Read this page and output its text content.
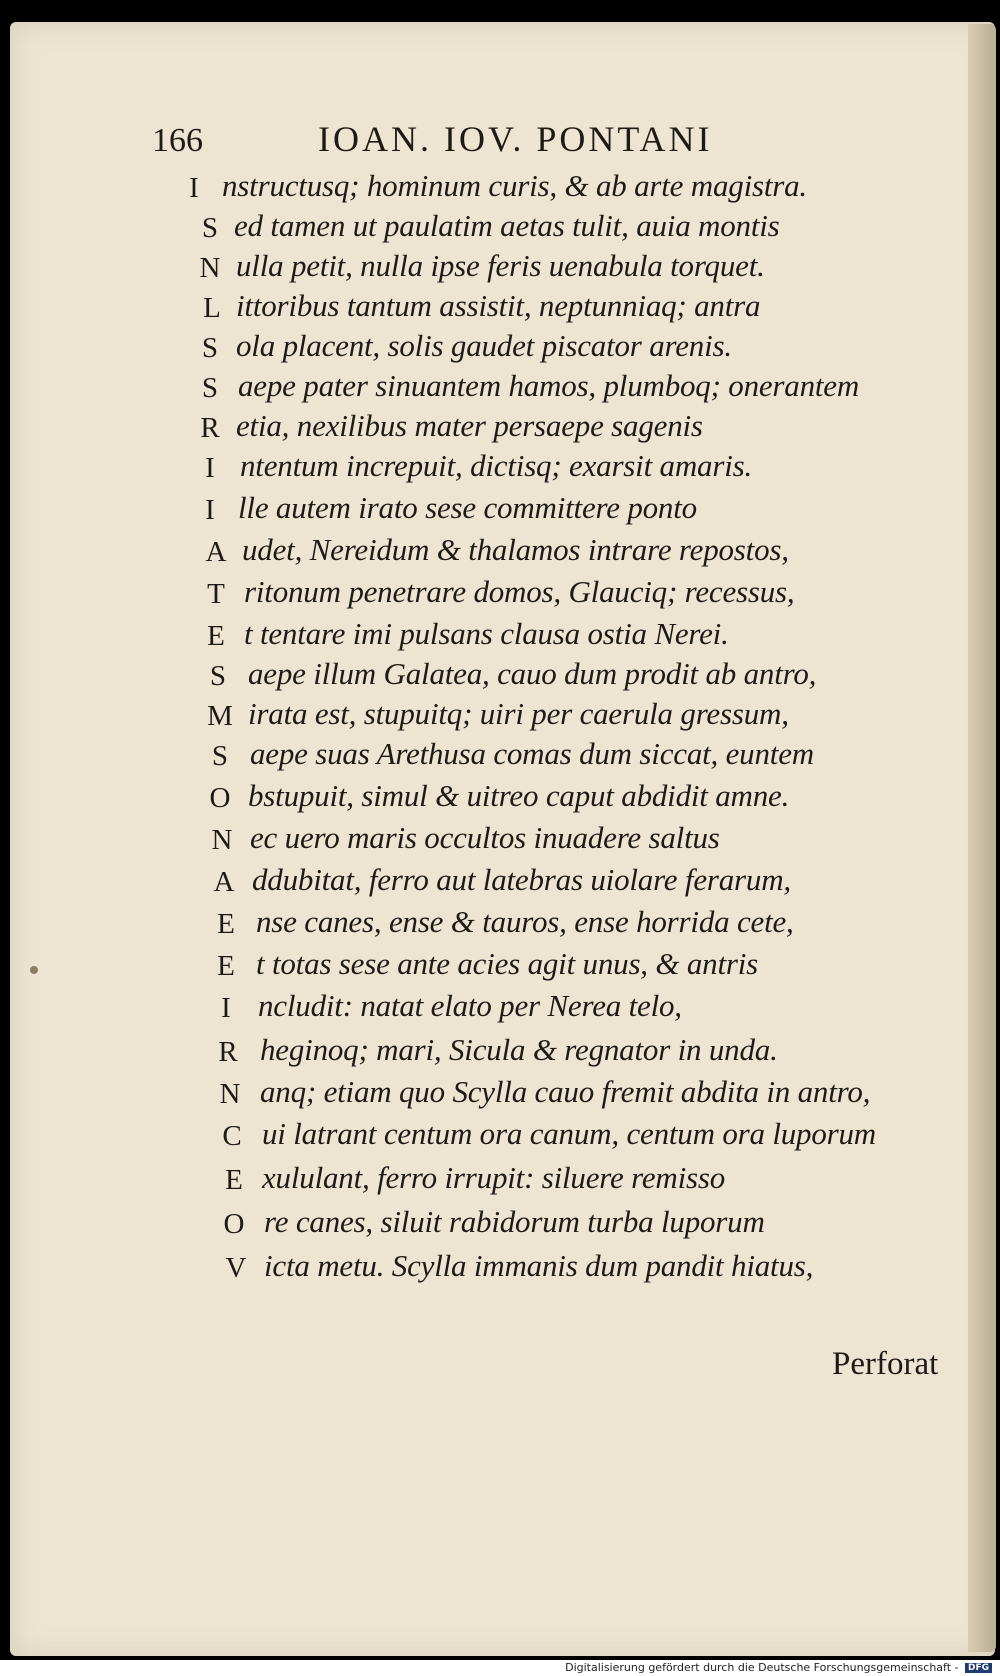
166	IOAN. IOV. PONTANI
I nstructusq; hominum curis, & ab arte magistra.
S ed tamen ut paulatim aetas tulit, auia montis
N ulla petit, nulla ipse feris uenabula torquet.
L ittoribus tantum assistit, neptunniaq; antra
S ola placent, solis gaudet piscator arenis.
S aepe pater sinuantem hamos, plumboq; onerantem
R etia, nexilibus mater persaepe sagenis
I ntentum increpuit, dictisq; exarsit amaris.
I lle autem irato sese committere ponto
A udet, Nereidum & thalamos intrare repostos,
T ritonum penetrare domos, Glauciq; recessus,
E t tentare imi pulsans clausa ostia Nerei.
S aepe illum Galatea, cauo dum prodit ab antro,
M irata est, stupuitq; uiri per caerula gressum,
S aepe suas Arethusa comas dum siccat, euntem
O bstupuit, simul & uitreo caput abdidit amne.
N ec uero maris occultos inuadere saltus
A ddubitat, ferro aut latebras uiolare ferarum,
E nse canes, ense & tauros, ense horrida cete,
E t totas sese ante acies agit unus, & antris
I ncludit: natat elato per Nerea telo,
R heginoq; mari, Sicula & regnator in unda.
N anq; etiam quo Scylla cauo fremit abdita in antro,
C ui latrant centum ora canum, centum ora luporum
E xululant, ferro irrupit: siluere remisso
O re canes, siluit rabidorum turba luporum
V icta metu. Scylla immanis dum pandit hiatus,
Perforat
Digitalisierung gefördert durch die Deutsche Forschungsgemeinschaft - DFG
